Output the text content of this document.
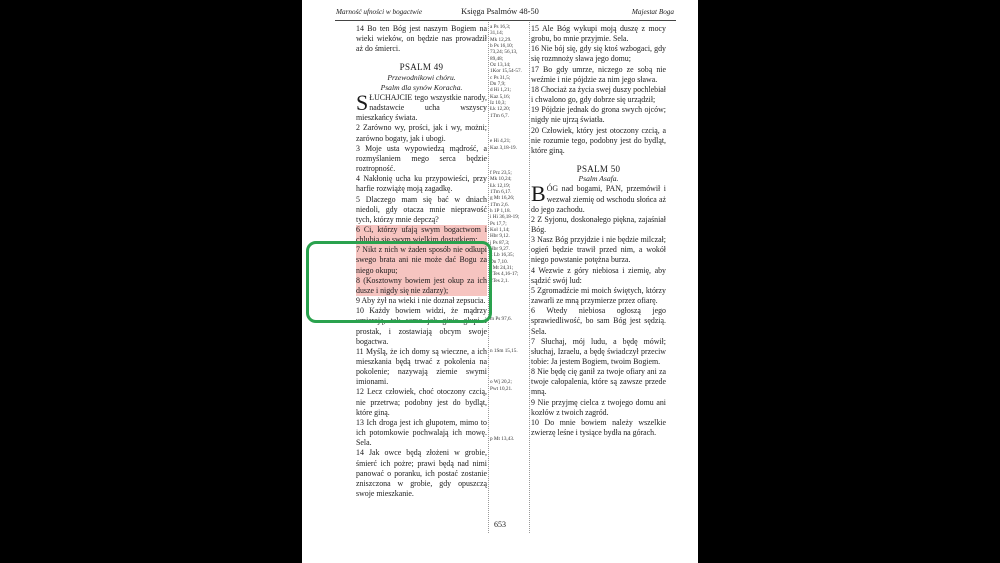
Marność ufności w bogactwie	Księga Psalmów 48-50	Majestat Boga

14 Bo ten Bóg jest naszym Bogiem na wieki wieków, on będzie nas prowadził aż do śmierci.

PSALM 49
Przewodnikowi chóru.
Psalm dla synów Koracha.

SŁUCHAJCIE tego wszystkie narody, nadstawcie ucha wszyscy mieszkańcy świata.

2 Zarówno wy, prości, jak i wy, możni; zarówno bogaty, jak i ubogi.

3 Moje usta wypowiedzą mądrość, a rozmyślaniem mego serca będzie roztropność.

4 Nakłonię ucha ku przypowieści, przy harfie rozwiążę moją zagadkę.

5 Dlaczego mam się bać w dniach niedoli, gdy otacza mnie nieprawość tych, którzy mnie depczą?

6 Ci, którzy ufają swym bogactwom i chlubią się swym wielkim dostatkiem;

7 Nikt z nich w żaden sposób nie odkupi swego brata ani nie może dać Bogu za niego okupu;

8 (Kosztowny bowiem jest okup za ich dusze i nigdy się nie zdarzy);

9 Aby żył na wieki i nie doznał zepsucia.

10 Każdy bowiem widzi, że mądrzy umierają, tak samo jak ginie głupi i prostak, i zostawiają obcym swoje bogactwa.

11 Myślą, że ich domy są wieczne, a ich mieszkania będą trwać z pokolenia na pokolenie; nazywają ziemie swymi imionami.

12 Lecz człowiek, choć otoczony czcią, nie przetrwa; podobny jest do bydląt, które giną.

13 Ich droga jest ich głupotem, mimo to ich potomkowie pochwalają ich mowę. Sela.

14 Jak owce będą złożeni w grobie, śmierć ich pożre; prawi będą nad nimi panować o poranku, ich postać zostanie zniszczona w grobie, gdy opuszczą swoje mieszkanie.

a Ps 16,3;
31,14;
Mk 12,29.
b Ps 16,10;
73,24; 56,13,
89,48;
Oz 13,14;
1Kor 15,54-57.
c Ps 31,5;
Dn 7,9;
d Hi 1,21;
Kaz 5,16;
Iz 10,3;
Łk 12,20;
1Tm 6,7.

e Hi 4,21;
Kaz 3,18-19.

f Prz 23,5;
Mk 10,24;
Łk 12,19;
1Tm 6,17.
g Mt 16,26;
1Tm 2,6.
h 1P 1,18.
i Hi 36,18-19;
Ps 17,7;
Kol 1,14;
Hbr 9,12.
j Ps 87,3;
Hbr 9,27.
k Lb 16,35;
Dn 7,10.
l Mt 24,31;
1Tes 4,16-17;
2Tes 2,1.

m Ps 97,6.

n 1Sm 15,15.

o Wj 20,2;
Pwt 10,21.

p Mt 13,43.

15 Ale Bóg wykupi moją duszę z mocy grobu, bo mnie przyjmie. Sela.

16 Nie bój się, gdy się ktoś wzbogaci, gdy się rozmnoży sława jego domu;

17 Bo gdy umrze, niczego ze sobą nie weźmie i nie pójdzie za nim jego sława.

18 Chociaż za życia swej duszy pochlebiał i chwalono go, gdy dobrze się urządził;

19 Pójdzie jednak do grona swych ojców; nigdy nie ujrzą światła.

20 Człowiek, który jest otoczony czcią, a nie rozumie tego, podobny jest do bydląt, które giną.

PSALM 50
Psalm Asafa.

BÓG nad bogami, PAN, przemówił i wezwał ziemię od wschodu słońca aż do jego zachodu.

2 Z Syjonu, doskonałego piękna, zajaśniał Bóg.

3 Nasz Bóg przyjdzie i nie będzie milczał; ogień będzie trawił przed nim, a wokół niego powstanie potężna burza.

4 Wezwie z góry niebiosa i ziemię, aby sądzić swój lud:

5 Zgromadźcie mi moich świętych, którzy zawarli ze mną przymierze przez ofiarę.

6 Wtedy niebiosa ogłoszą jego sprawiedliwość, bo sam Bóg jest sędzią. Sela.

7 Słuchaj, mój ludu, a będę mówił; słuchaj, Izraelu, a będę świadczył przeciw tobie: Ja jestem Bogiem, twoim Bogiem.

8 Nie będę cię ganił za twoje ofiary ani za twoje całopalenia, które są zawsze przede mną.

9 Nie przyjmę cielca z twojego domu ani kozłów z twoich zagród.

10 Do mnie bowiem należy wszelkie zwierzę leśne i tysiące bydła na górach.

653
